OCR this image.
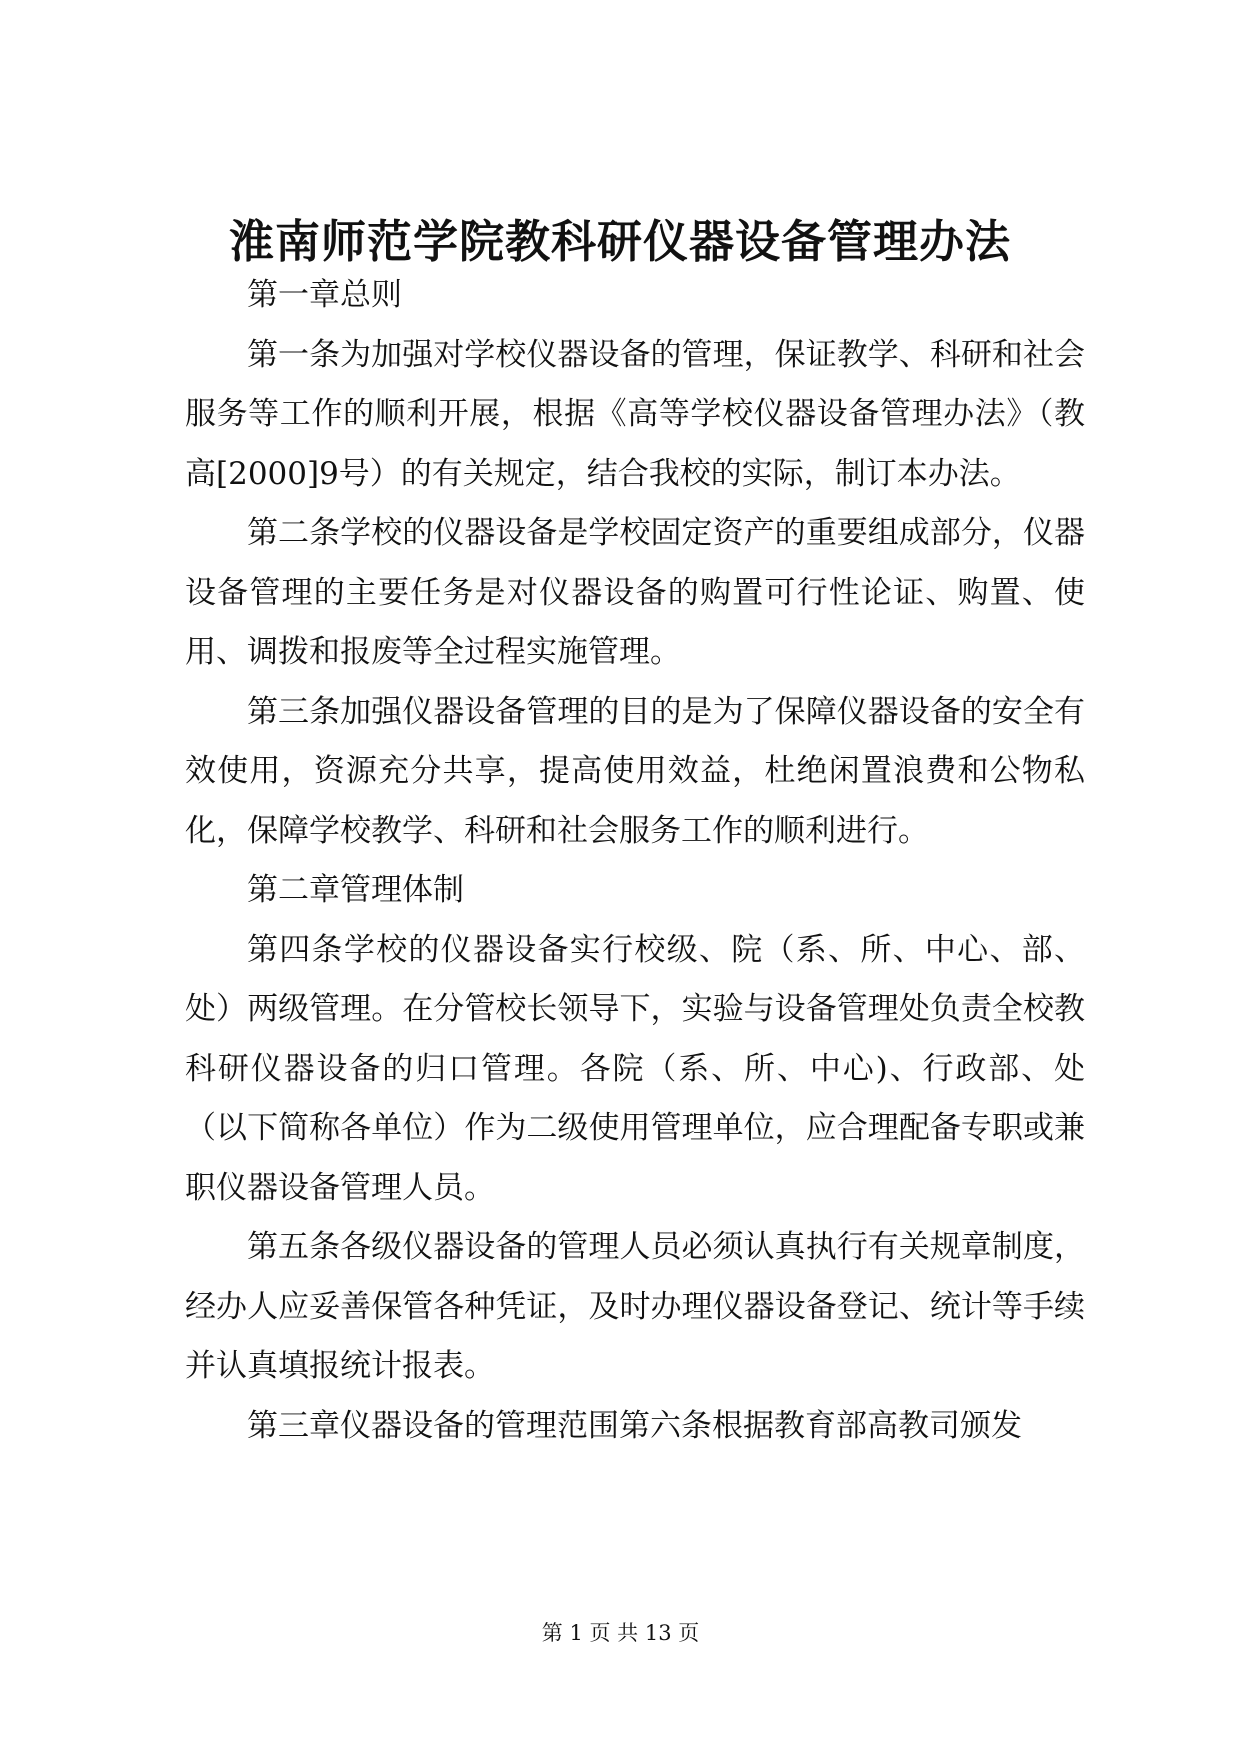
淮南师范学院教科研仪器设备管理办法

第一章总则

第一条为加强对学校仪器设备的管理，保证教学、科研和社会服务等工作的顺利开展，根据《高等学校仪器设备管理办法》（教高[2000]9号）的有关规定，结合我校的实际，制订本办法。

第二条学校的仪器设备是学校固定资产的重要组成部分，仪器设备管理的主要任务是对仪器设备的购置可行性论证、购置、使用、调拨和报废等全过程实施管理。

第三条加强仪器设备管理的目的是为了保障仪器设备的安全有效使用，资源充分共享，提高使用效益，杜绝闲置浪费和公物私化，保障学校教学、科研和社会服务工作的顺利进行。

第二章管理体制

第四条学校的仪器设备实行校级、院（系、所、中心、部、处）两级管理。在分管校长领导下，实验与设备管理处负责全校教科研仪器设备的归口管理。各院（系、所、中心)、行政部、处（以下简称各单位）作为二级使用管理单位，应合理配备专职或兼职仪器设备管理人员。

第五条各级仪器设备的管理人员必须认真执行有关规章制度，经办人应妥善保管各种凭证，及时办理仪器设备登记、统计等手续并认真填报统计报表。

第三章仪器设备的管理范围第六条根据教育部高教司颁发

第 1 页 共 13 页
